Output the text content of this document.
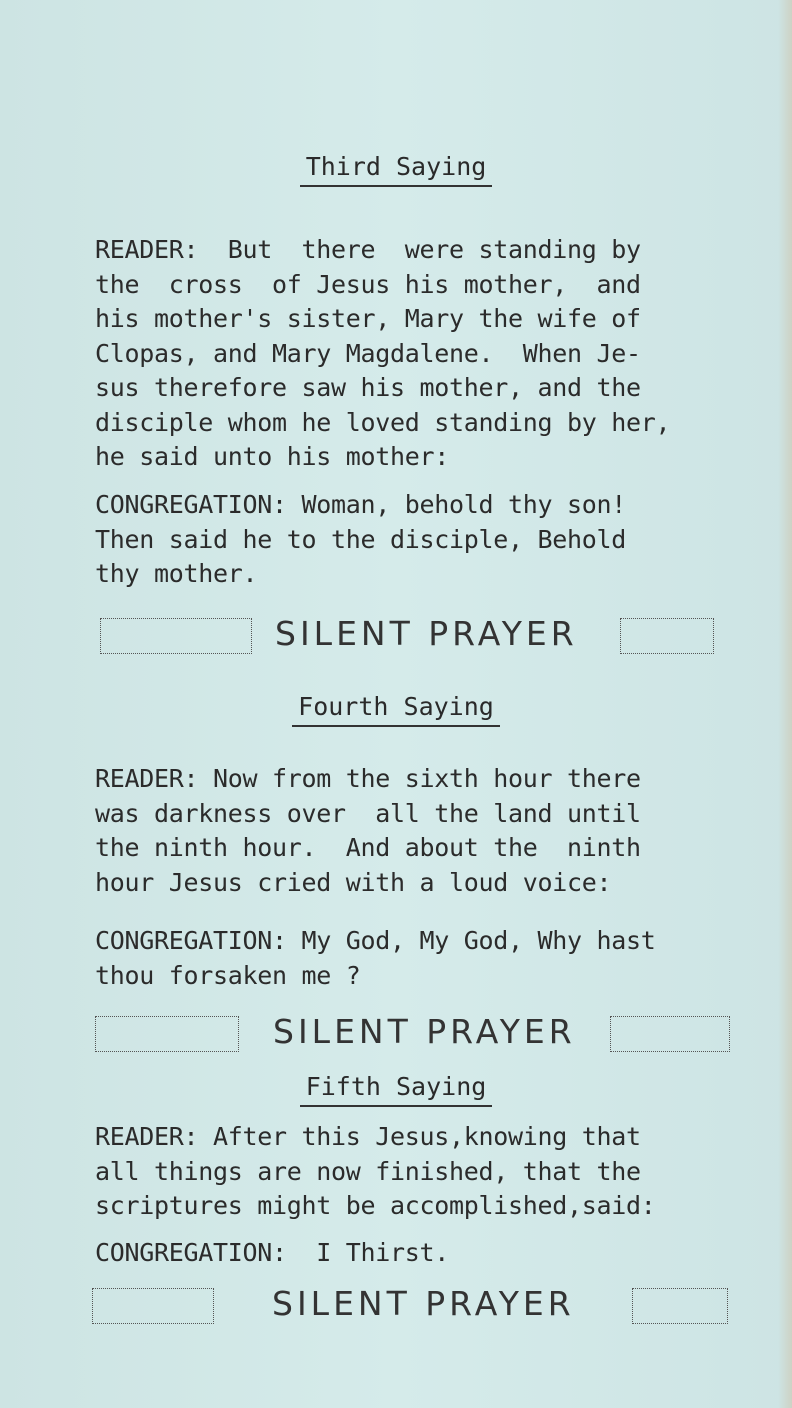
Third Saying
READER:  But  there  were standing by
the  cross  of Jesus his mother,  and
his mother's sister, Mary the wife of
Clopas, and Mary Magdalene.  When Je-
sus therefore saw his mother, and the
disciple whom he loved standing by her,
he said unto his mother:
CONGREGATION: Woman, behold thy son!
Then said he to the disciple, Behold
thy mother.
SILENT PRAYER
Fourth Saying
READER: Now from the sixth hour there
was darkness over  all the land until
the ninth hour.  And about the  ninth
hour Jesus cried with a loud voice:
CONGREGATION: My God, My God, Why hast
thou forsaken me ?
SILENT PRAYER
Fifth Saying
READER: After this Jesus,knowing that
all things are now finished, that the
scriptures might be accomplished,said:
CONGREGATION:  I Thirst.
SILENT PRAYER
